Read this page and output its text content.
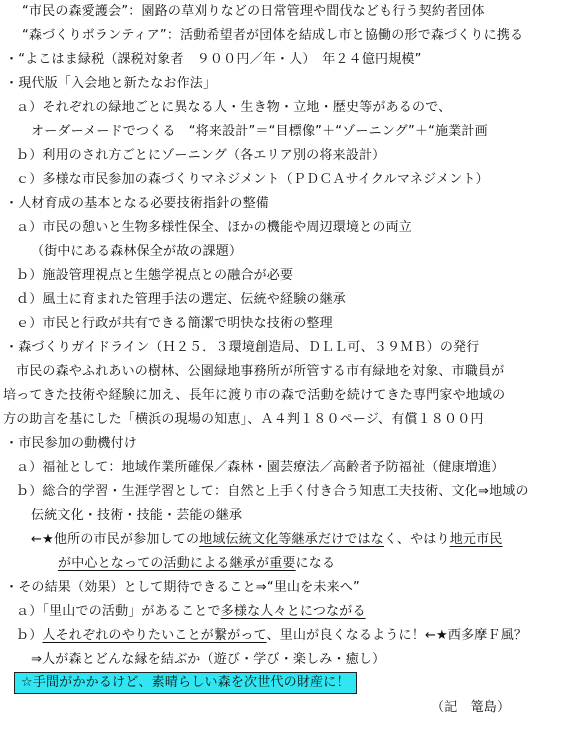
“市民の森愛護会”：園路の草刈りなどの日常管理や間伐なども行う契約者団体
“森づくりボランティア”：活動希望者が団体を結成し市と協働の形で森づくりに携る
・“よこはま緑税（課税対象者　９００円／年・人）　年２４億円規模”
・現代版「入会地と新たなお作法」
ａ）それぞれの緑地ごとに異なる人・生き物・立地・歴史等があるので、
オーダーメードでつくる　“将来設計”＝“目標像”＋“ゾーニング”＋“施業計画
ｂ）利用のされ方ごとにゾーニング（各エリア別の将来設計）
ｃ）多様な市民参加の森づくりマネジメント（ＰＤＣＡサイクルマネジメント）
・人材育成の基本となる必要技術指針の整備
ａ）市民の憩いと生物多様性保全、ほかの機能や周辺環境との両立
（街中にある森林保全が故の課題）
ｂ）施設管理視点と生態学視点との融合が必要
ｄ）風土に育まれた管理手法の選定、伝統や経験の継承
ｅ）市民と行政が共有できる簡潔で明快な技術の整理
・森づくりガイドライン（Ｈ２５．３環境創造局、ＤＬＬ可、３９ＭＢ）の発行
市民の森やふれあいの樹林、公園緑地事務所が所管する市有緑地を対象、市職員が
培ってきた技術や経験に加え、長年に渡り市の森で活動を続けてきた専門家や地域の
方の助言を基にした「横浜の現場の知恵」、Ａ４判１８０ページ、有償１８００円
・市民参加の動機付け
ａ）福祉として：地域作業所確保／森林・園芸療法／高齢者予防福祉（健康増進）
ｂ）総合的学習・生涯学習として：自然と上手く付き合う知恵工夫技術、文化⇒地域の
伝統文化・技術・技能・芸能の継承
←★他所の市民が参加しての地域伝統文化等継承だけではなく、やはり地元市民
が中心となっての活動による継承が重要になる
・その結果（効果）として期待できること⇒“里山を未来へ”
ａ）「里山での活動」があることで多様な人々とにつながる
ｂ）人それぞれのやりたいことが繋がって、里山が良くなるように！←★西多摩Ｆ風？
⇒人が森とどんな縁を結ぶか（遊び・学び・楽しみ・癒し）
☆手間がかかるけど、素晴らしい森を次世代の財産に！
（記　篭島）
